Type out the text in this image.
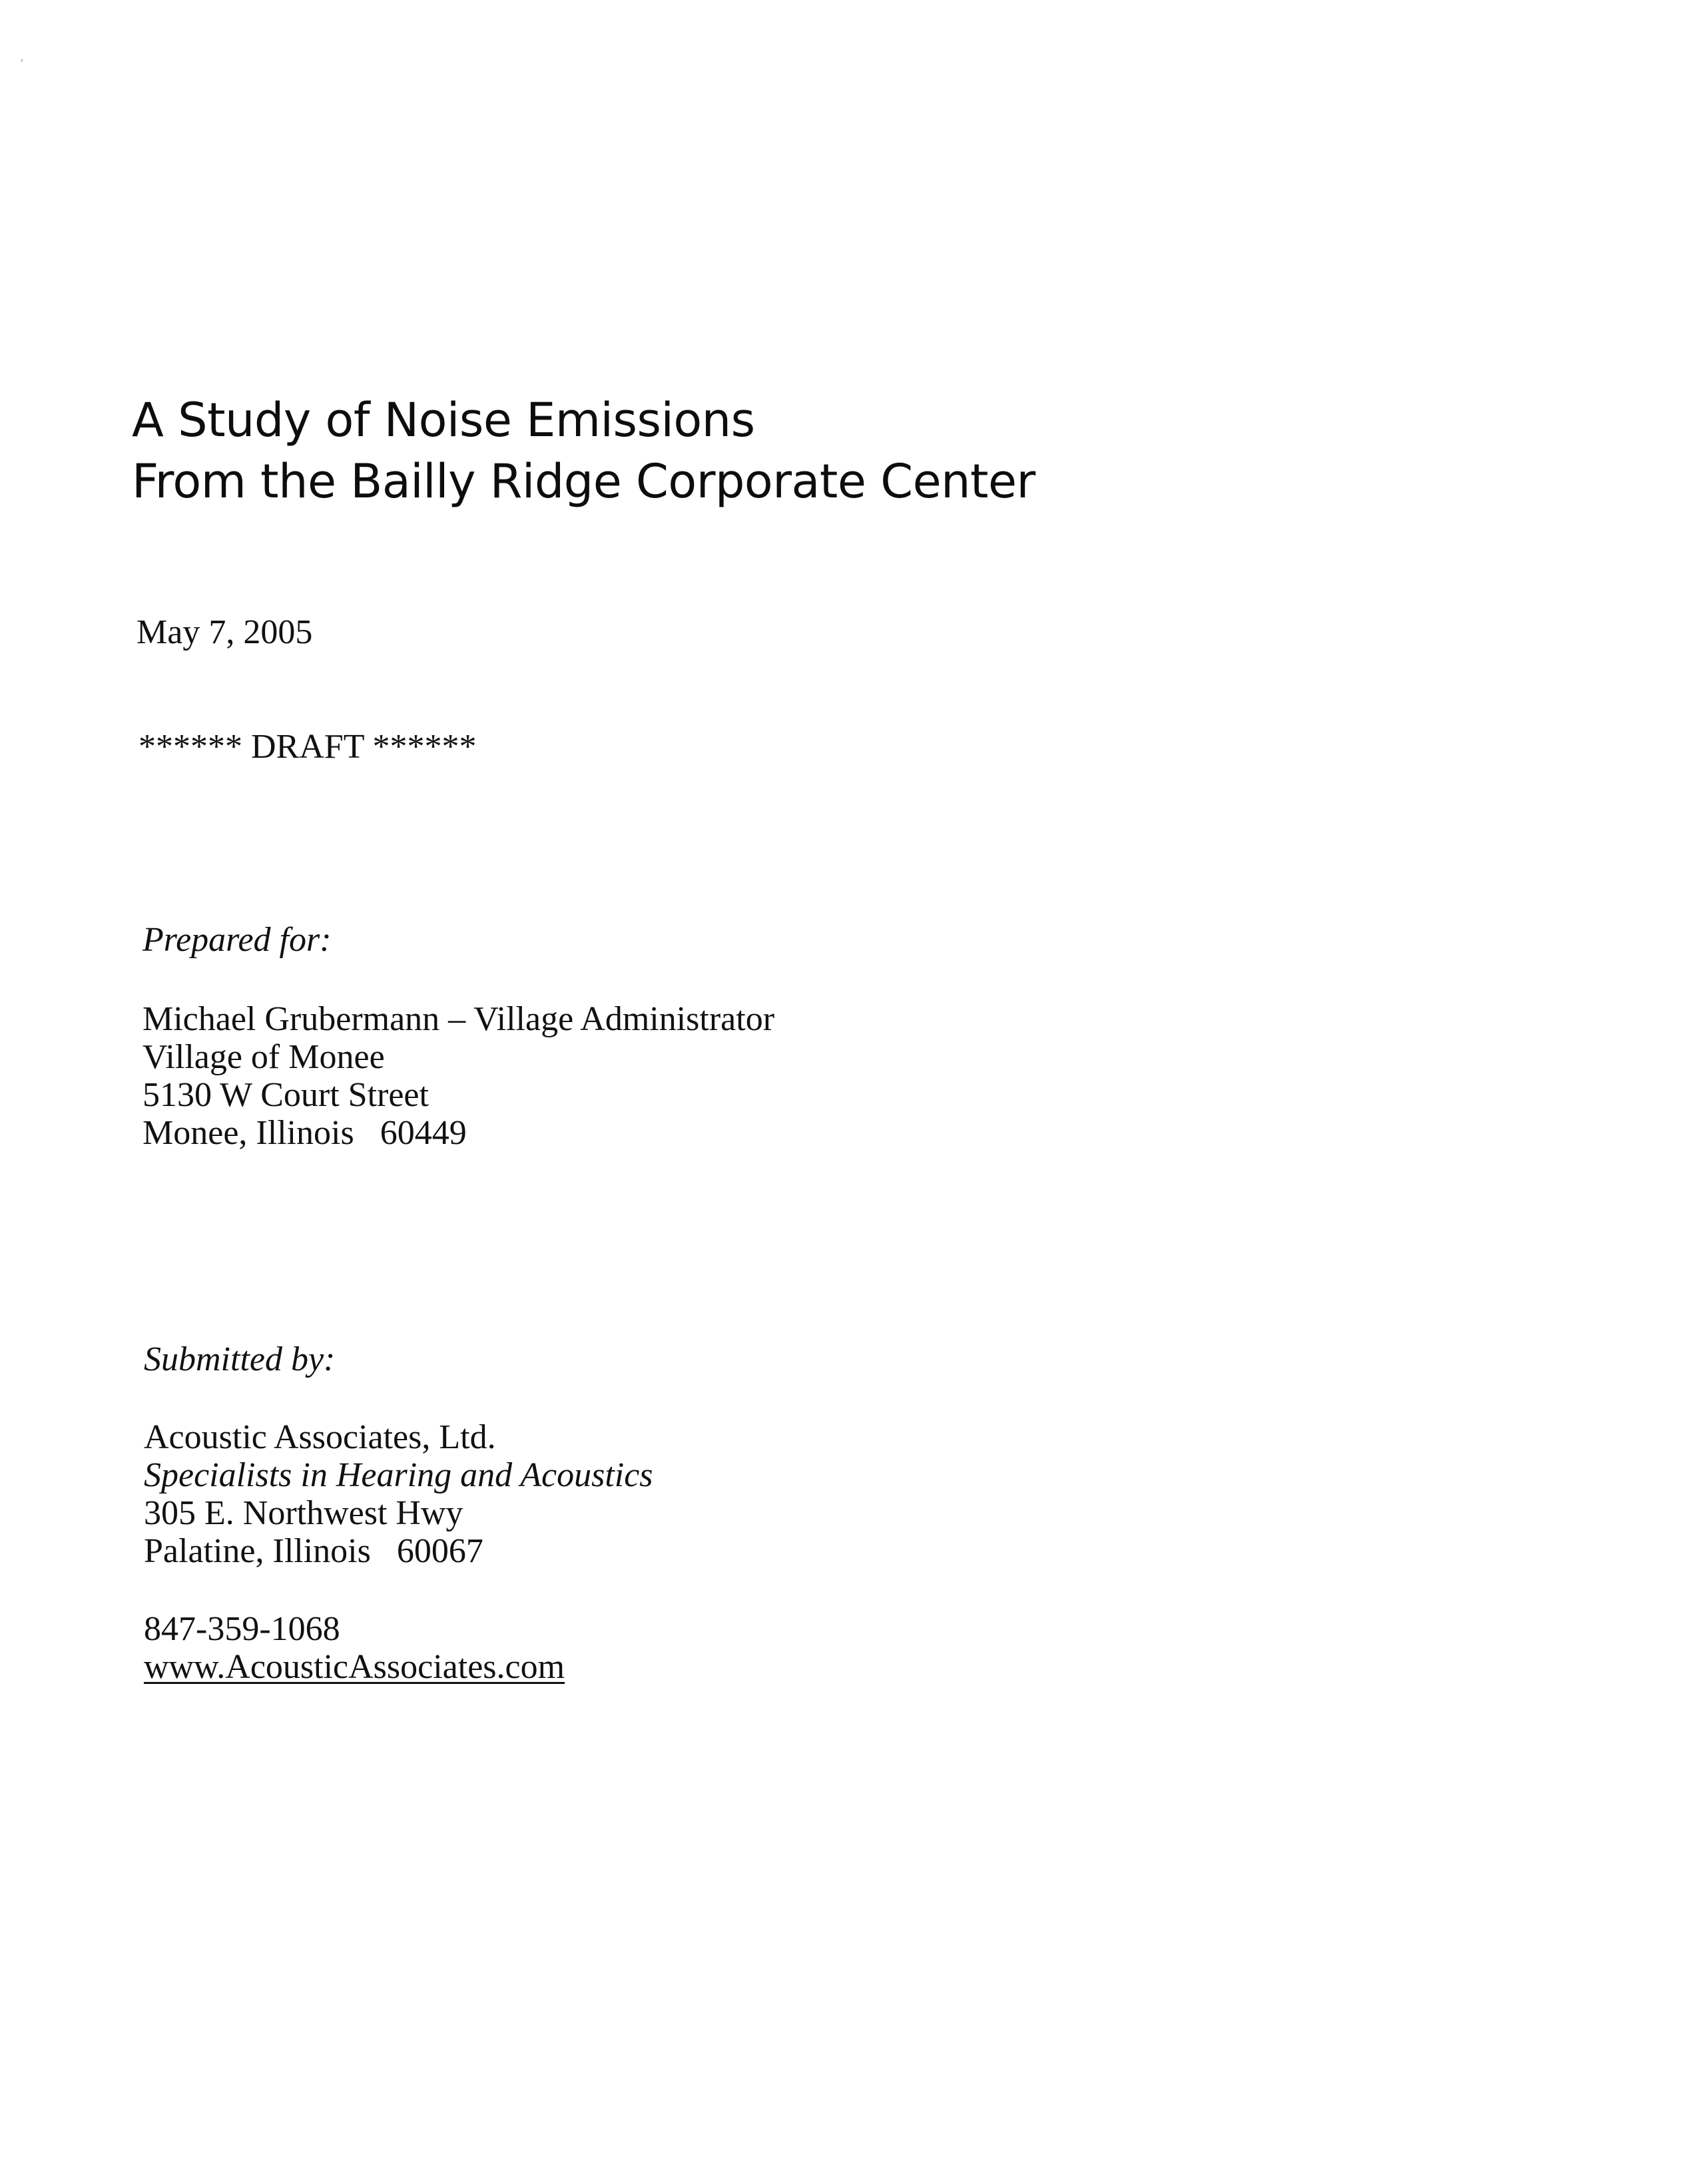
ʿ
A Study of Noise Emissions
From the Bailly Ridge Corporate Center
May 7, 2005
****** DRAFT ******
Prepared for:
Michael Grubermann – Village Administrator
Village of Monee
5130 W Court Street
Monee, Illinois   60449
Submitted by:
Acoustic Associates, Ltd.
Specialists in Hearing and Acoustics
305 E. Northwest Hwy
Palatine, Illinois   60067
847-359-1068
www.AcousticAssociates.com
